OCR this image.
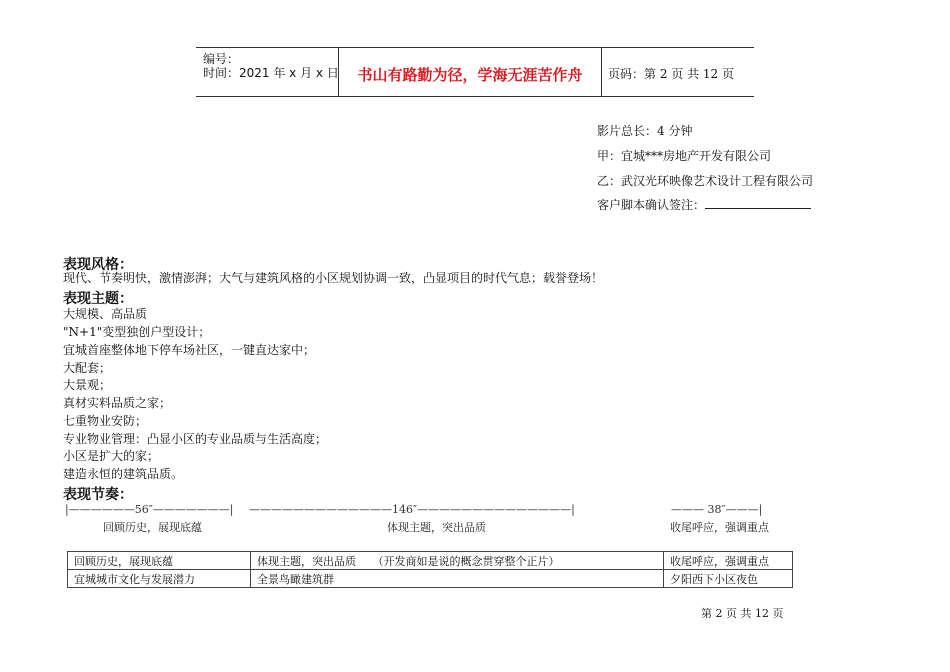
编号：
时间：2021 年 x 月 x 日	书山有路勤为径，学海无涯苦作舟	页码：第 2 页 共 12 页
影片总长：4 分钟
甲：宜城***房地产开发有限公司
乙：武汉光环映像艺术设计工程有限公司
客户脚本确认签注：
表现风格：
现代、节奏明快，激情澎湃；大气与建筑风格的小区规划协调一致，凸显项目的时代气息；载誉登场！
表现主题：
大规模、高品质
"N+1"变型独创户型设计；
宜城首座整体地下停车场社区，一键直达家中；
大配套；
大景观；
真材实料品质之家；
七重物业安防；
专业物业管理：凸显小区的专业品质与生活高度；
小区是扩大的家；
建造永恒的建筑品质。
表现节奏：
|——————56″———————|	—————————————146″——————————————|	——— 38″———|
回顾历史，展现底蕴	体现主题，突出品质	收尾呼应，强调重点
回顾历史，展现底蕴	体现主题，突出品质　　（开发商如是说的概念贯穿整个正片）	收尾呼应，强调重点
宜城城市文化与发展潜力	全景鸟瞰建筑群	夕阳西下小区夜色
第 2 页 共 12 页
